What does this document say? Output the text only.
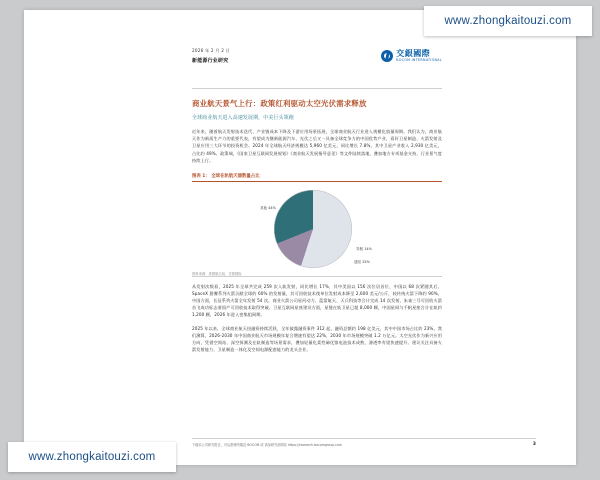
2026 年 2 月 2 日
新能源行业研究
交銀國際
BOCOM INTERNATIONAL
商业航天景气上行：政策红利驱动太空光伏需求释放
全球商业航天进入高速发展期，中美巨头领跑
近年来，随着航天发射技术迭代、产业链成本下降及下游应用场景拓展，全球商业航天行业进入规模化放量周期。我们认为，商业航天作为新质生产力的重要代表，有望成为继新能源汽车、光伏之后又一具备全球竞争力的中国优势产业，看好卫星制造、火箭发射及卫星应用三大环节的投资机会。2024 年全球航天经济规模达 5,960 亿美元，同比增长 7.8%，其中卫星产业收入 2,930 亿美元，占比约 49%。政策端，《国家卫星互联网发展规划》《商业航天发展指导意见》等文件陆续落地，叠加地方专项基金支持，行业景气度持续上行。
图表 1： 全球在轨航天器数量占比
其他 44%
导航 14%
通信 25%
资料来源：美国航天局，交银国际
从发射次数看，2025 年全球共完成 259 次入轨发射，同比增长 17%，其中美国以 156 次位居首位，中国以 68 次紧随其后。SpaceX 猎鹰系列火箭贡献全球约 60% 的发射量，其可回收技术使单位发射成本降至 2,600 美元/公斤，较传统火箭下降约 90%。中国方面，长征系列火箭全年发射 54 次，商业火箭公司星河动力、蓝箭航天、天兵科技等合计完成 14 次发射，朱雀三号可回收火箭首飞成功标志着国产可回收技术取得突破。卫星互联网星座建设方面，星链在轨卫星已超 8,000 颗，中国星网与千帆星座合计在轨约 1,200 颗，2026 年进入密集组网期。
2025 年以来，全球商业航天投融资持续活跃，全年披露融资事件 312 起，融资总额约 198 亿美元，其中中国市场占比约 23%。我们测算，2026-2030 年中国商业航天市场规模年复合增速有望达 22%，2030 年市场规模突破 1.2 万亿元。太空光伏作为新兴应用方向，凭借空间站、深空探测及在轨制造等场景需求，叠加轻量化柔性砷化镓电池技术成熟，渗透率有望快速提升。建议关注具备火箭发射能力、卫星制造一体化及空间电源配套能力的龙头企业。
下载本公司研究报告，可从彭博终端及 BOCOM 或 请参研究部网站 https://research.bocomgroup.com	3
www.zhongkaitouzi.com
www.zhongkaitouzi.com
